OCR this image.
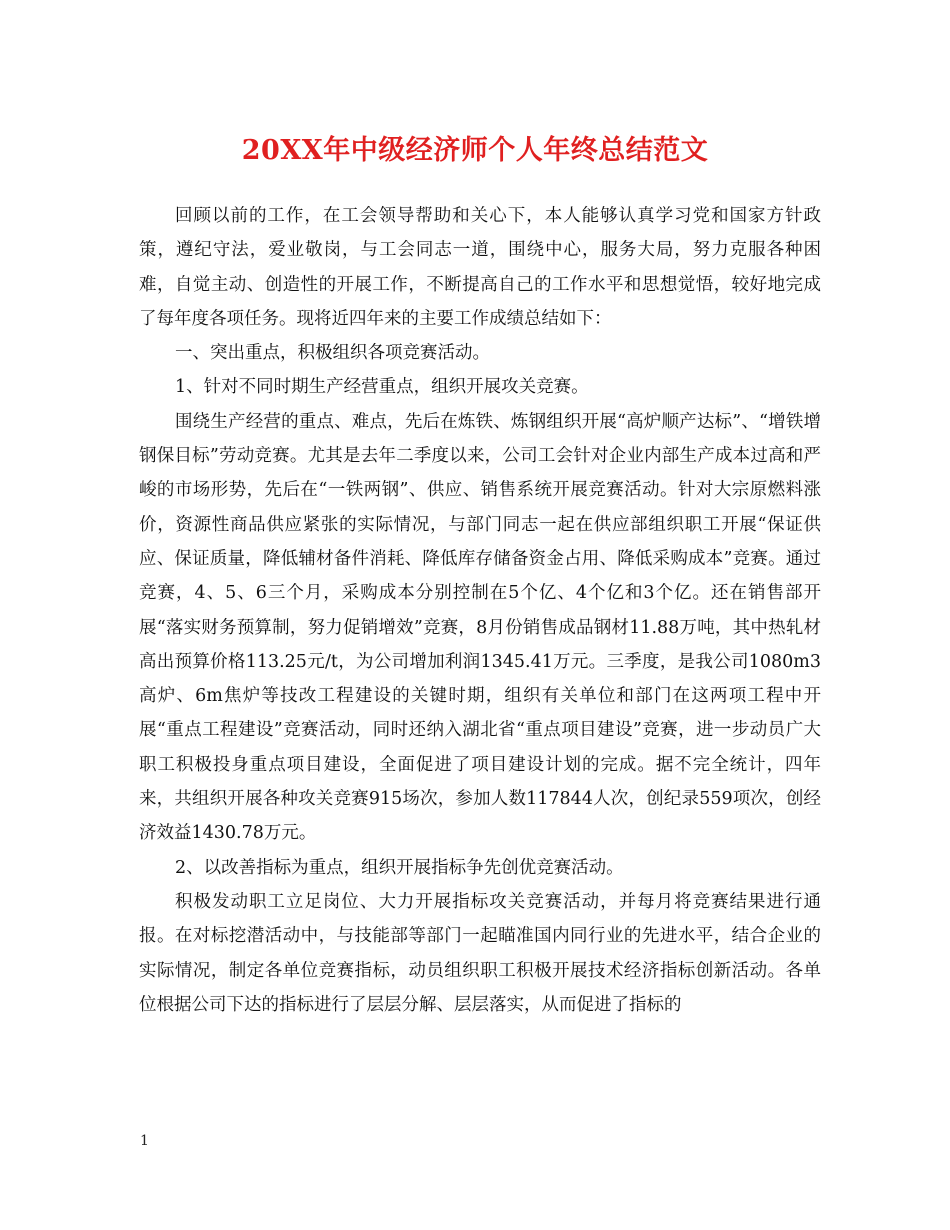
20XX年中级经济师个人年终总结范文

回顾以前的工作，在工会领导帮助和关心下，本人能够认真学习党和国家方针政策，遵纪守法，爱业敬岗，与工会同志一道，围绕中心，服务大局，努力克服各种困难，自觉主动、创造性的开展工作，不断提高自己的工作水平和思想觉悟，较好地完成了每年度各项任务。现将近四年来的主要工作成绩总结如下：

一、突出重点，积极组织各项竞赛活动。

1、针对不同时期生产经营重点，组织开展攻关竞赛。

围绕生产经营的重点、难点，先后在炼铁、炼钢组织开展“高炉顺产达标”、“增铁增钢保目标”劳动竞赛。尤其是去年二季度以来，公司工会针对企业内部生产成本过高和严峻的市场形势，先后在“一铁两钢”、供应、销售系统开展竞赛活动。针对大宗原燃料涨价，资源性商品供应紧张的实际情况，与部门同志一起在供应部组织职工开展“保证供应、保证质量，降低辅材备件消耗、降低库存储备资金占用、降低采购成本”竞赛。通过竞赛，4、5、6三个月，采购成本分别控制在5个亿、4个亿和3个亿。还在销售部开展“落实财务预算制，努力促销增效”竞赛，8月份销售成品钢材11.88万吨，其中热轧材高出预算价格113.25元/t，为公司增加利润1345.41万元。三季度，是我公司1080m3高炉、6m焦炉等技改工程建设的关键时期，组织有关单位和部门在这两项工程中开展“重点工程建设”竞赛活动，同时还纳入湖北省“重点项目建设”竞赛，进一步动员广大职工积极投身重点项目建设，全面促进了项目建设计划的完成。据不完全统计，四年来，共组织开展各种攻关竞赛915场次，参加人数117844人次，创纪录559项次，创经济效益1430.78万元。

2、以改善指标为重点，组织开展指标争先创优竞赛活动。

积极发动职工立足岗位、大力开展指标攻关竞赛活动，并每月将竞赛结果进行通报。在对标挖潜活动中，与技能部等部门一起瞄准国内同行业的先进水平，结合企业的实际情况，制定各单位竞赛指标，动员组织职工积极开展技术经济指标创新活动。各单位根据公司下达的指标进行了层层分解、层层落实，从而促进了指标的

1
